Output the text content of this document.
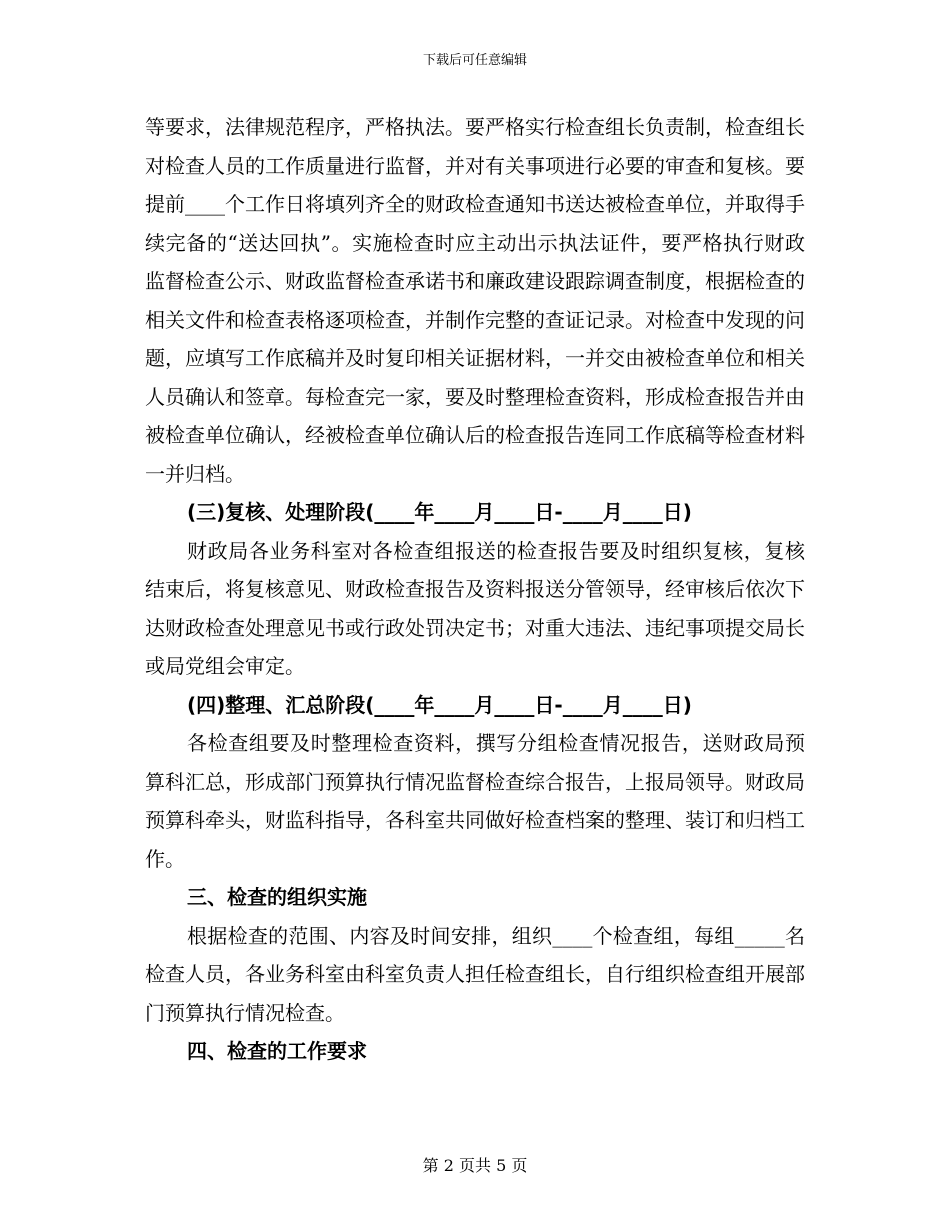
下载后可任意编辑

等要求，法律规范程序，严格执法。要严格实行检查组长负责制，检查组长对检查人员的工作质量进行监督，并对有关事项进行必要的审查和复核。要提前____个工作日将填列齐全的财政检查通知书送达被检查单位，并取得手续完备的“送达回执”。实施检查时应主动出示执法证件，要严格执行财政监督检查公示、财政监督检查承诺书和廉政建设跟踪调查制度，根据检查的相关文件和检查表格逐项检查，并制作完整的查证记录。对检查中发现的问题，应填写工作底稿并及时复印相关证据材料，一并交由被检查单位和相关人员确认和签章。每检查完一家，要及时整理检查资料，形成检查报告并由被检查单位确认，经被检查单位确认后的检查报告连同工作底稿等检查材料一并归档。

(三)复核、处理阶段(____年____月____日-____月____日)

财政局各业务科室对各检查组报送的检查报告要及时组织复核，复核结束后，将复核意见、财政检查报告及资料报送分管领导，经审核后依次下达财政检查处理意见书或行政处罚决定书；对重大违法、违纪事项提交局长或局党组会审定。

(四)整理、汇总阶段(____年____月____日-____月____日)

各检查组要及时整理检查资料，撰写分组检查情况报告，送财政局预算科汇总，形成部门预算执行情况监督检查综合报告，上报局领导。财政局预算科牵头，财监科指导，各科室共同做好检查档案的整理、装订和归档工作。

三、检查的组织实施

根据检查的范围、内容及时间安排，组织____个检查组，每组_____名检查人员，各业务科室由科室负责人担任检查组长，自行组织检查组开展部门预算执行情况检查。

四、检查的工作要求

第 2 页共 5 页
